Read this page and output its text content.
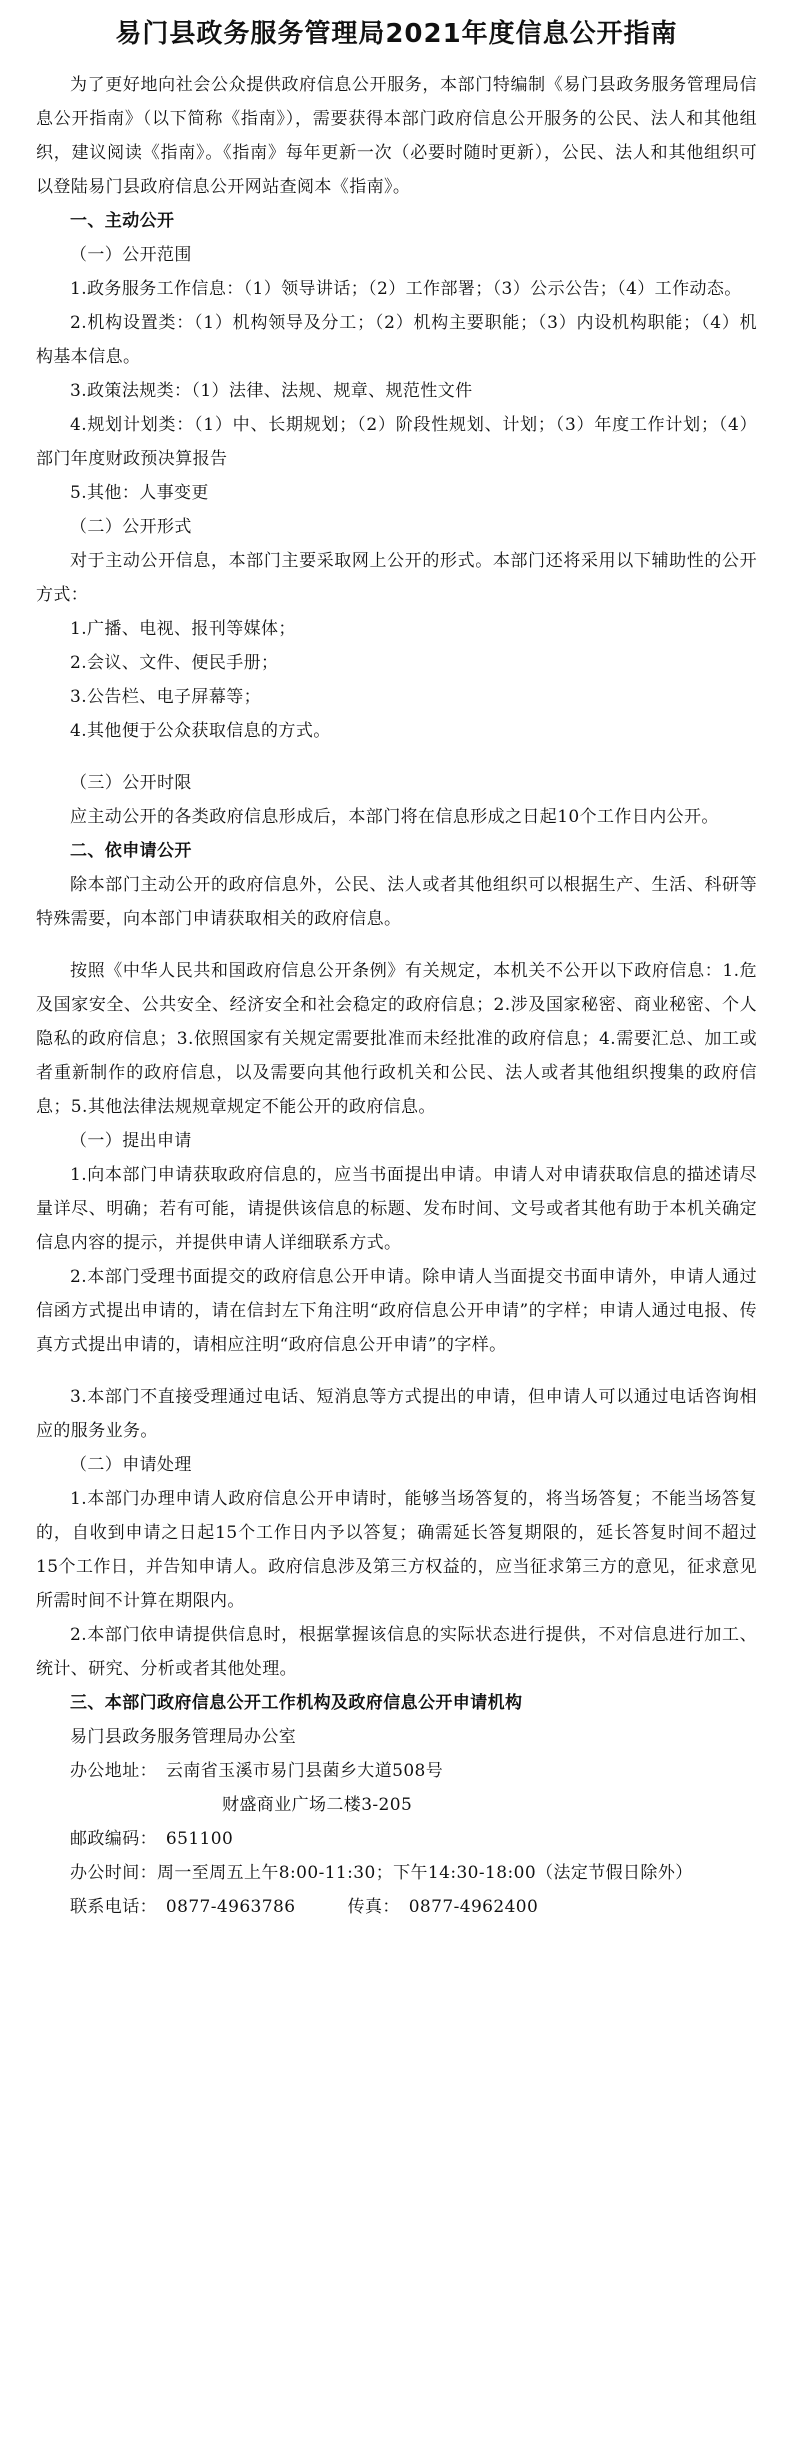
易门县政务服务管理局2021年度信息公开指南

为了更好地向社会公众提供政府信息公开服务，本部门特编制《易门县政务服务管理局信息公开指南》（以下简称《指南》），需要获得本部门政府信息公开服务的公民、法人和其他组织，建议阅读《指南》。《指南》每年更新一次（必要时随时更新），公民、法人和其他组织可以登陆易门县政府信息公开网站查阅本《指南》。

一、主动公开

（一）公开范围

1.政务服务工作信息：（1）领导讲话；（2）工作部署；（3）公示公告；（4）工作动态。

2.机构设置类：（1）机构领导及分工；（2）机构主要职能；（3）内设机构职能；（4）机构基本信息。

3.政策法规类：（1）法律、法规、规章、规范性文件

4.规划计划类：（1）中、长期规划；（2）阶段性规划、计划；（3）年度工作计划；（4）部门年度财政预决算报告

5.其他：人事变更

（二）公开形式

对于主动公开信息，本部门主要采取网上公开的形式。本部门还将采用以下辅助性的公开方式：

1.广播、电视、报刊等媒体；

2.会议、文件、便民手册；

3.公告栏、电子屏幕等；

4.其他便于公众获取信息的方式。

（三）公开时限

应主动公开的各类政府信息形成后，本部门将在信息形成之日起10个工作日内公开。

二、依申请公开

除本部门主动公开的政府信息外，公民、法人或者其他组织可以根据生产、生活、科研等特殊需要，向本部门申请获取相关的政府信息。

按照《中华人民共和国政府信息公开条例》有关规定，本机关不公开以下政府信息：1.危及国家安全、公共安全、经济安全和社会稳定的政府信息；2.涉及国家秘密、商业秘密、个人隐私的政府信息；3.依照国家有关规定需要批准而未经批准的政府信息；4.需要汇总、加工或者重新制作的政府信息，以及需要向其他行政机关和公民、法人或者其他组织搜集的政府信息；5.其他法律法规规章规定不能公开的政府信息。

（一）提出申请

1.向本部门申请获取政府信息的，应当书面提出申请。申请人对申请获取信息的描述请尽量详尽、明确；若有可能，请提供该信息的标题、发布时间、文号或者其他有助于本机关确定信息内容的提示，并提供申请人详细联系方式。

2.本部门受理书面提交的政府信息公开申请。除申请人当面提交书面申请外，申请人通过信函方式提出申请的，请在信封左下角注明“政府信息公开申请”的字样；申请人通过电报、传真方式提出申请的，请相应注明“政府信息公开申请”的字样。

3.本部门不直接受理通过电话、短消息等方式提出的申请，但申请人可以通过电话咨询相应的服务业务。

（二）申请处理

1.本部门办理申请人政府信息公开申请时，能够当场答复的，将当场答复；不能当场答复的，自收到申请之日起15个工作日内予以答复；确需延长答复期限的，延长答复时间不超过15个工作日，并告知申请人。政府信息涉及第三方权益的，应当征求第三方的意见，征求意见所需时间不计算在期限内。

2.本部门依申请提供信息时，根据掌握该信息的实际状态进行提供，不对信息进行加工、统计、研究、分析或者其他处理。

三、本部门政府信息公开工作机构及政府信息公开申请机构

易门县政务服务管理局办公室

办公地址：　云南省玉溪市易门县菌乡大道508号

财盛商业广场二楼3-205

邮政编码：　651100

办公时间：周一至周五上午8:00-11:30；下午14:30-18:00（法定节假日除外）

联系电话：　0877-4963786　　　传真：　0877-4962400
